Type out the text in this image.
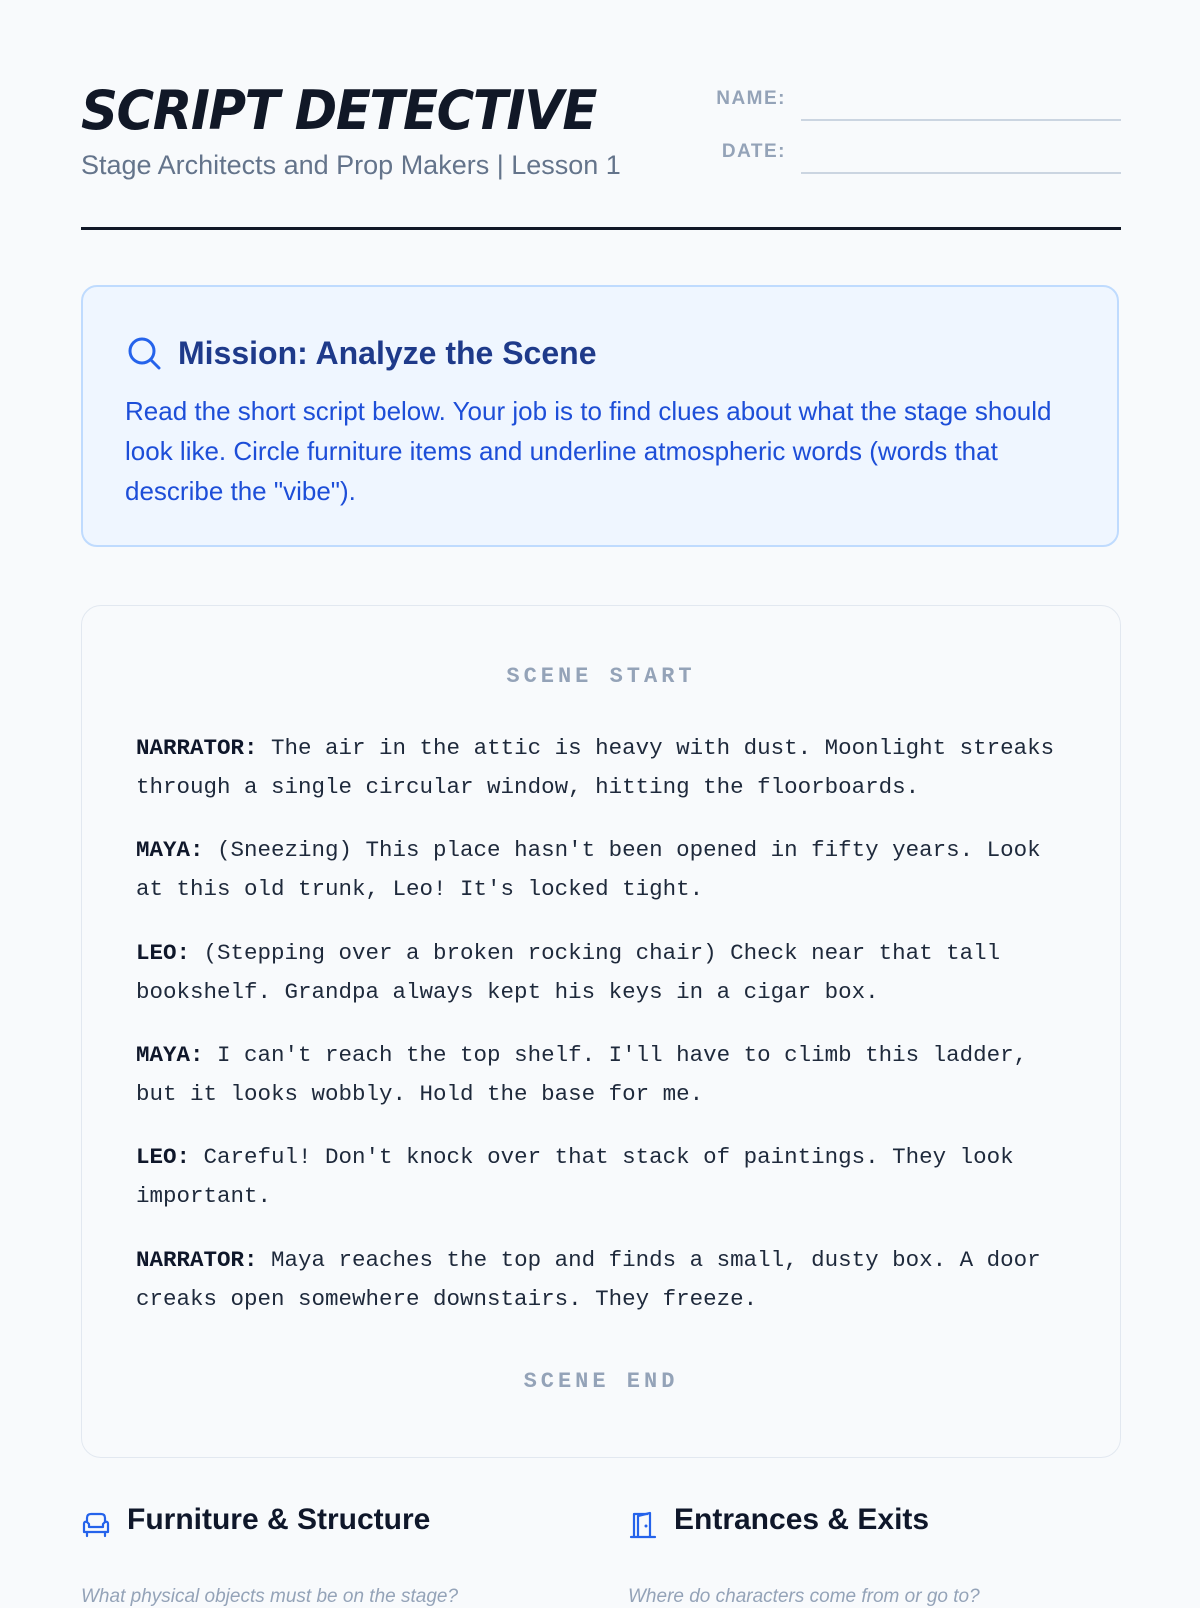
SCRIPT DETECTIVE
Stage Architects and Prop Makers | Lesson 1
NAME:
DATE:
Mission: Analyze the Scene

Read the short script below. Your job is to find clues about what the stage should look like. Circle furniture items and underline atmospheric words (words that describe the "vibe").

SCENE START

NARRATOR: The air in the attic is heavy with dust. Moonlight streaks through a single circular window, hitting the floorboards.

MAYA: (Sneezing) This place hasn't been opened in fifty years. Look at this old trunk, Leo! It's locked tight.

LEO: (Stepping over a broken rocking chair) Check near that tall bookshelf. Grandpa always kept his keys in a cigar box.

MAYA: I can't reach the top shelf. I'll have to climb this ladder, but it looks wobbly. Hold the base for me.

LEO: Careful! Don't knock over that stack of paintings. They look important.

NARRATOR: Maya reaches the top and finds a small, dusty box. A door creaks open somewhere downstairs. They freeze.

SCENE END
Furniture & Structure
What physical objects must be on the stage?
Entrances & Exits
Where do characters come from or go to?
